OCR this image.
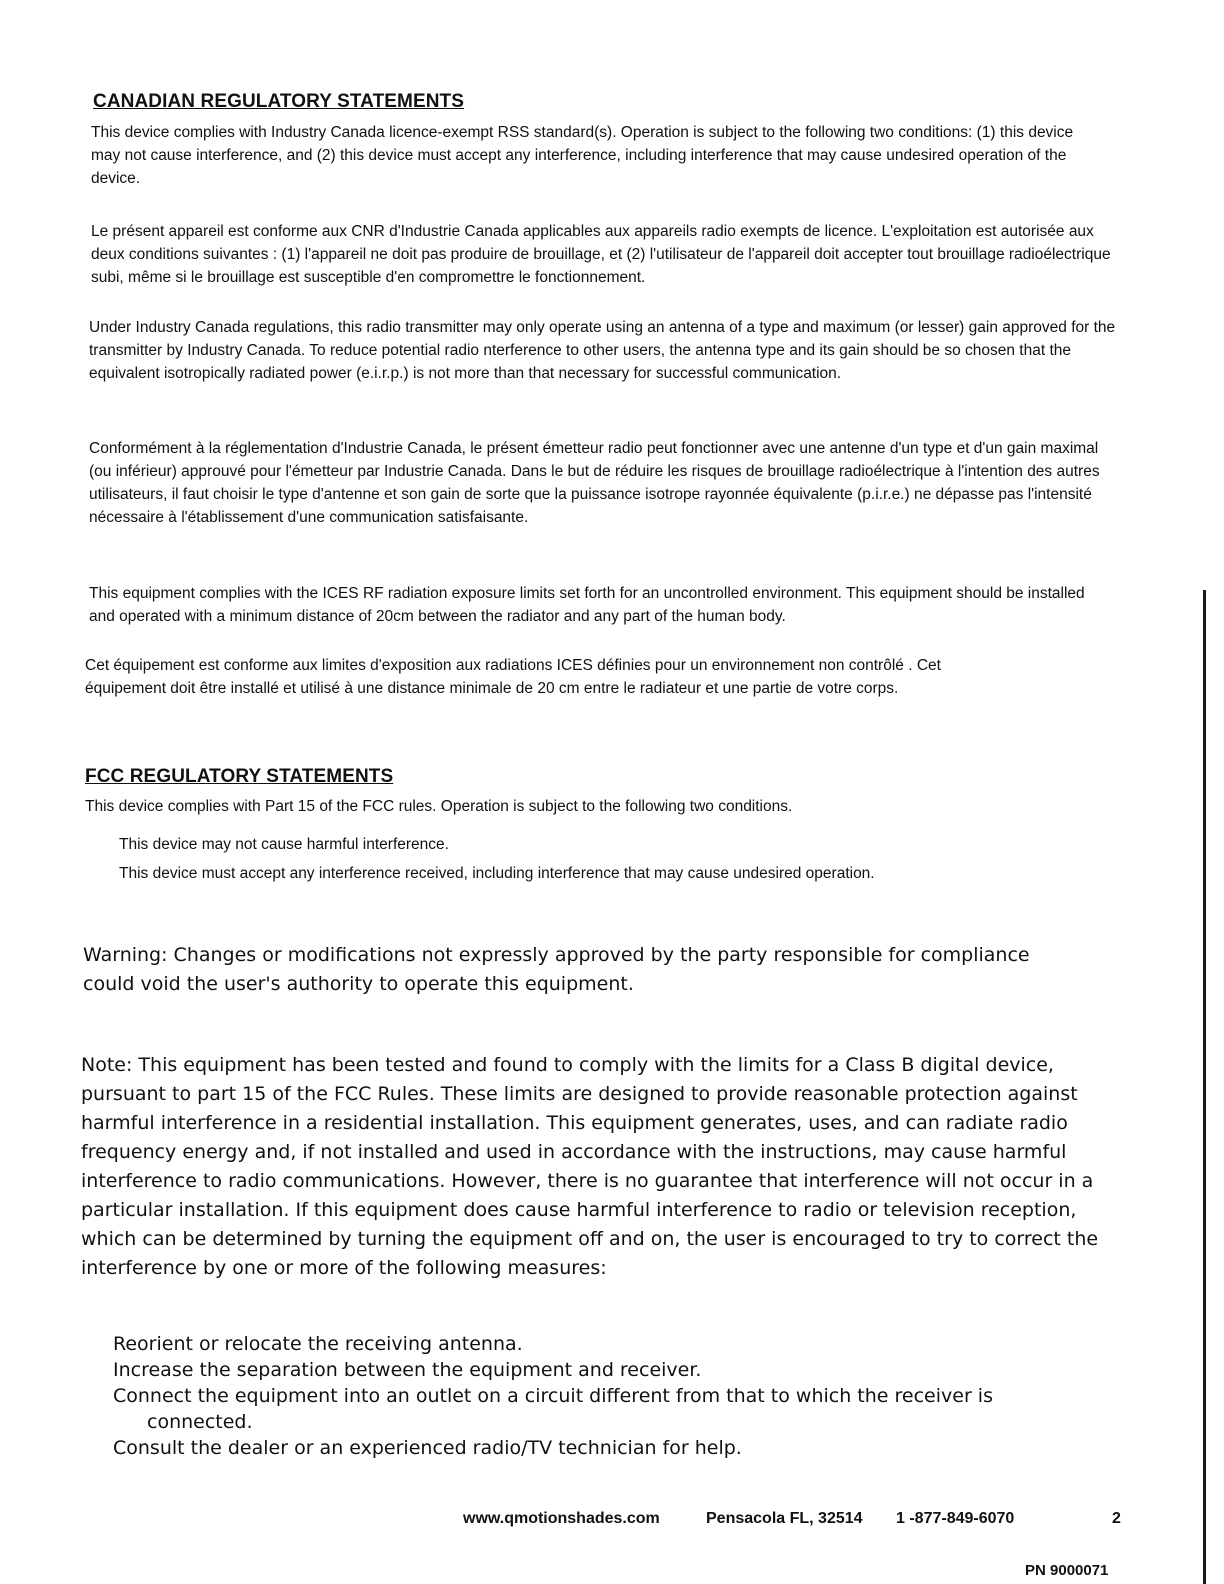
CANADIAN REGULATORY STATEMENTS

This device complies with Industry Canada licence-exempt RSS standard(s). Operation is subject to the following two conditions: (1) this device may not cause interference, and (2) this device must accept any interference, including interference that may cause undesired operation of the device.

Le présent appareil est conforme aux CNR d'Industrie Canada applicables aux appareils radio exempts de licence. L'exploitation est autorisée aux deux conditions suivantes : (1) l'appareil ne doit pas produire de brouillage, et (2) l'utilisateur de l'appareil doit accepter tout brouillage radioélectrique subi, même si le brouillage est susceptible d'en compromettre le fonctionnement.

Under Industry Canada regulations, this radio transmitter may only operate using an antenna of a type and maximum (or lesser) gain approved for the transmitter by Industry Canada. To reduce potential radio nterference to other users, the antenna type and its gain should be so chosen that the equivalent isotropically radiated power (e.i.r.p.) is not more than that necessary for successful communication.

Conformément à la réglementation d'Industrie Canada, le présent émetteur radio peut fonctionner avec une antenne d'un type et d'un gain maximal (ou inférieur) approuvé pour l'émetteur par Industrie Canada. Dans le but de réduire les risques de brouillage radioélectrique à l'intention des autres utilisateurs, il faut choisir le type d'antenne et son gain de sorte que la puissance isotrope rayonnée équivalente (p.i.r.e.) ne dépasse pas l'intensité nécessaire à l'établissement d'une communication satisfaisante.

This equipment complies with the ICES RF radiation exposure limits set forth for an uncontrolled environment. This equipment should be installed and operated with a minimum distance of 20cm between the radiator and any part of the human body.

Cet équipement est conforme aux limites d'exposition aux radiations ICES définies pour un environnement non contrôlé . Cet équipement doit être installé et utilisé à une distance minimale de 20 cm entre le radiateur et une partie de votre corps.

FCC REGULATORY STATEMENTS

This device complies with Part 15 of the FCC rules. Operation is subject to the following two conditions.

This device may not cause harmful interference.
This device must accept any interference received, including interference that may cause undesired operation.

Warning: Changes or modifications not expressly approved by the party responsible for compliance could void the user's authority to operate this equipment.

Note: This equipment has been tested and found to comply with the limits for a Class B digital device, pursuant to part 15 of the FCC Rules. These limits are designed to provide reasonable protection against harmful interference in a residential installation. This equipment generates, uses, and can radiate radio frequency energy and, if not installed and used in accordance with the instructions, may cause harmful interference to radio communications. However, there is no guarantee that interference will not occur in a particular installation. If this equipment does cause harmful interference to radio or television reception, which can be determined by turning the equipment off and on, the user is encouraged to try to correct the interference by one or more of the following measures:

Reorient or relocate the receiving antenna.
Increase the separation between the equipment and receiver.
Connect the equipment into an outlet on a circuit different from that to which the receiver is connected.
Consult the dealer or an experienced radio/TV technician for help.
www.qmotionshades.com	Pensacola FL, 32514 1 -877-849-6070	2
PN 9000071
